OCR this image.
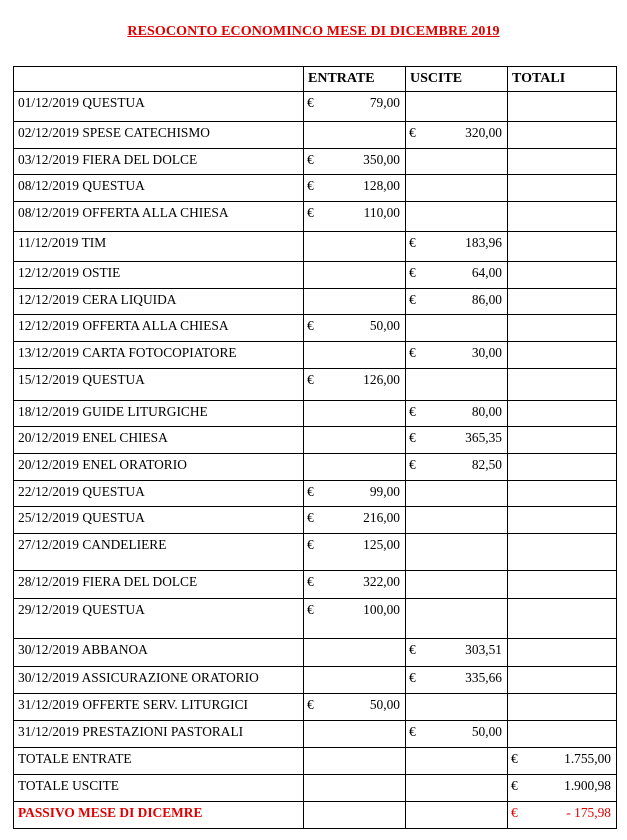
RESOCONTO ECONOMINCO MESE DI DICEMBRE 2019
	ENTRATE	USCITE	TOTALI
01/12/2019 QUESTUA	€ 79,00		

02/12/2019 SPESE CATECHISMO		€ 320,00	

03/12/2019 FIERA DEL DOLCE	€ 350,00		

08/12/2019 QUESTUA	€ 128,00		

08/12/2019 OFFERTA ALLA CHIESA	€ 110,00		

11/12/2019 TIM		€ 183,96	

12/12/2019 OSTIE		€ 64,00	

12/12/2019 CERA LIQUIDA		€ 86,00	

12/12/2019 OFFERTA ALLA CHIESA	€ 50,00		

13/12/2019 CARTA FOTOCOPIATORE		€ 30,00	

15/12/2019 QUESTUA	€ 126,00		

18/12/2019 GUIDE LITURGICHE		€ 80,00	

20/12/2019 ENEL CHIESA		€ 365,35	

20/12/2019 ENEL ORATORIO		€ 82,50	

22/12/2019 QUESTUA	€ 99,00		

25/12/2019 QUESTUA	€ 216,00		

27/12/2019 CANDELIERE	€ 125,00		

28/12/2019 FIERA DEL DOLCE	€ 322,00		

29/12/2019 QUESTUA	€ 100,00		

30/12/2019 ABBANOA		€ 303,51	

30/12/2019 ASSICURAZIONE ORATORIO		€ 335,66	

31/12/2019 OFFERTE SERV. LITURGICI	€ 50,00		

31/12/2019 PRESTAZIONI PASTORALI		€ 50,00	

TOTALE ENTRATE			€ 1.755,00

TOTALE USCITE			€ 1.900,98

PASSIVO MESE DI DICEMRE			€ - 175,98
